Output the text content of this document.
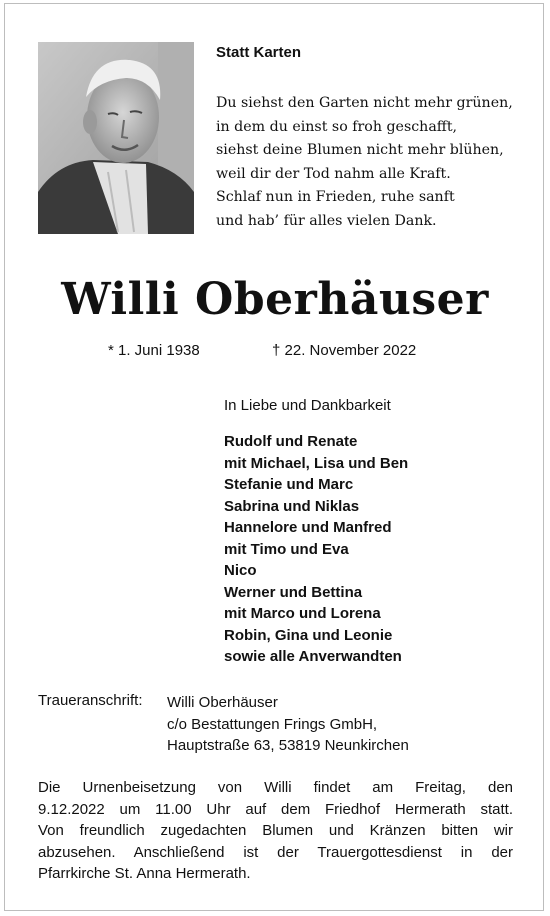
Statt Karten
Du siehst den Garten nicht mehr grünen,
in dem du einst so froh geschafft,
siehst deine Blumen nicht mehr blühen,
weil dir der Tod nahm alle Kraft.
Schlaf nun in Frieden, ruhe sanft
und hab’ für alles vielen Dank.
Willi Oberhäuser
* 1. Juni 1938	† 22. November 2022
In Liebe und Dankbarkeit
Rudolf und Renate
mit Michael, Lisa und Ben
Stefanie und Marc
Sabrina und Niklas
Hannelore und Manfred
mit Timo und Eva
Nico
Werner und Bettina
mit Marco und Lorena
Robin, Gina und Leonie
sowie alle Anverwandten
Traueranschrift: Willi Oberhäuser
c/o Bestattungen Frings GmbH,
Hauptstraße 63, 53819 Neunkirchen
Die Urnenbeisetzung von Willi findet am Freitag, den
9.12.2022 um 11.00 Uhr auf dem Friedhof Hermerath statt.
Von freundlich zugedachten Blumen und Kränzen bitten wir
abzusehen. Anschließend ist der Trauergottesdienst in der
Pfarrkirche St. Anna Hermerath.
